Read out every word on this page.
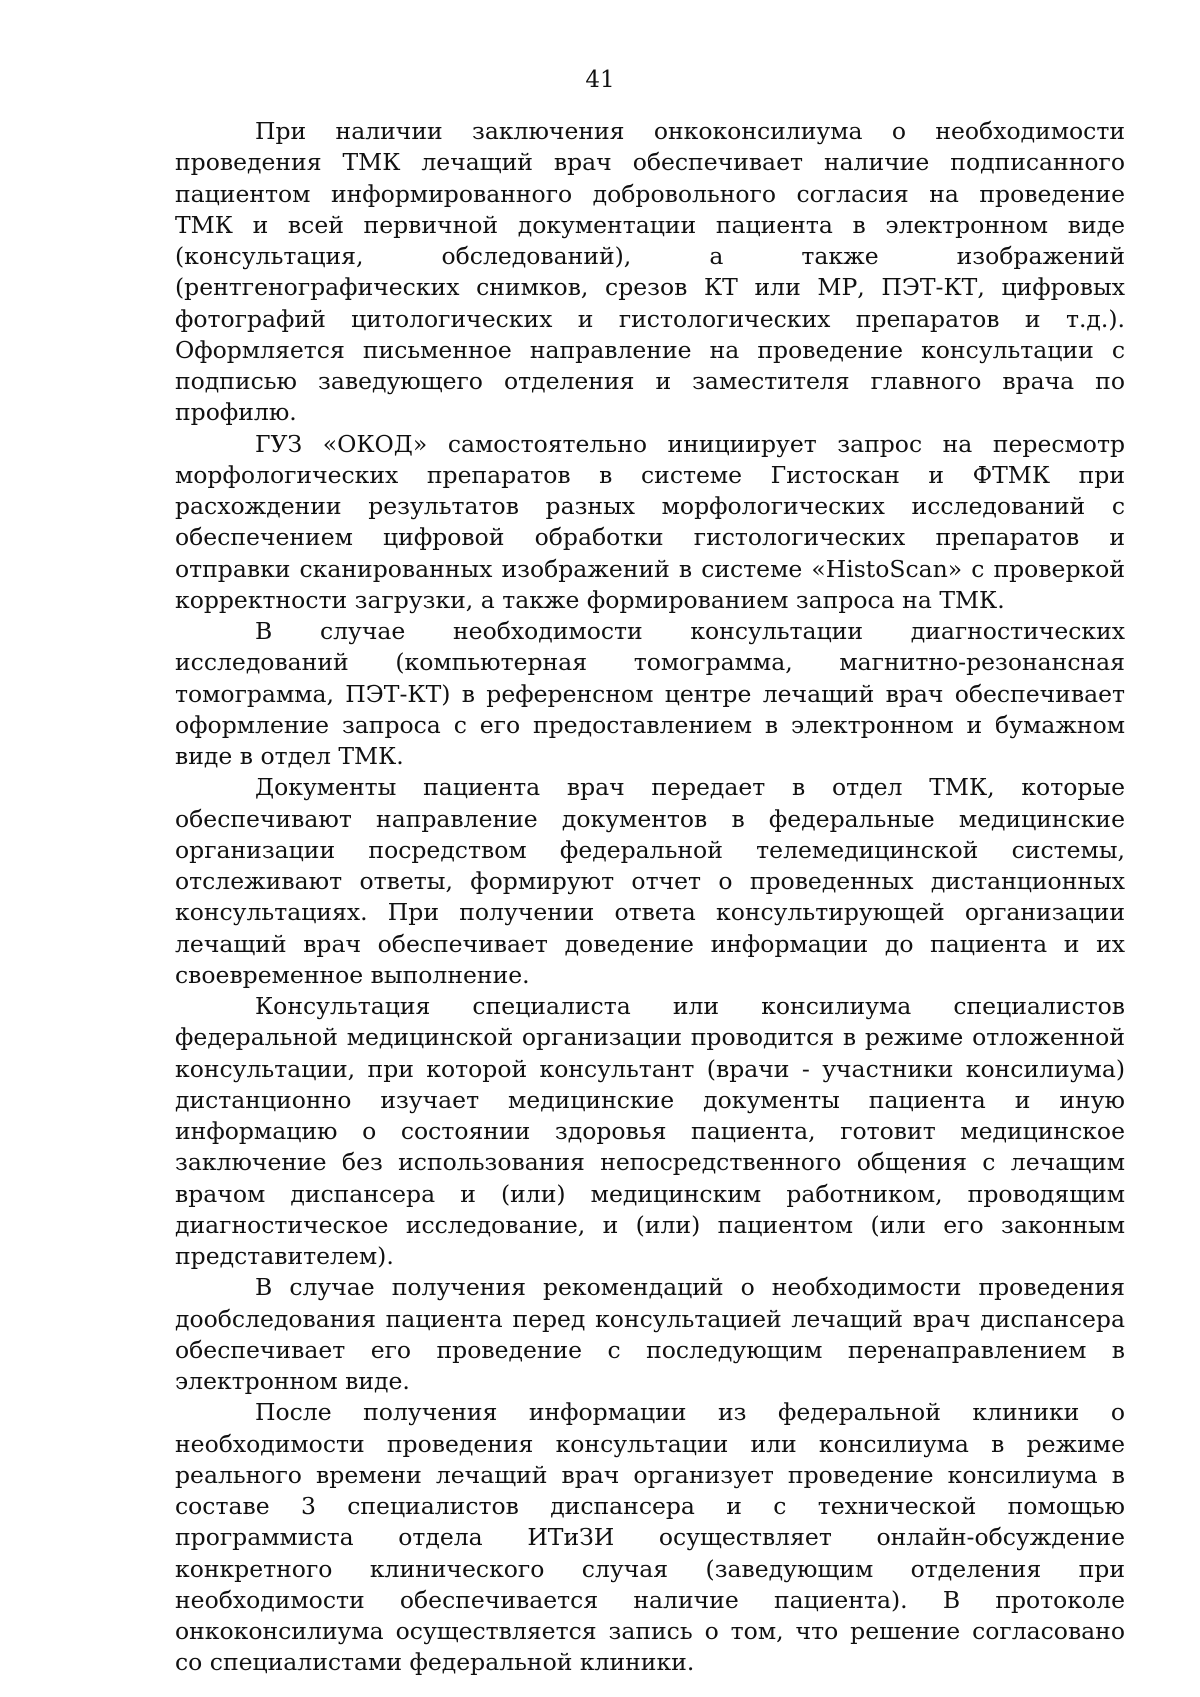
41

При наличии заключения онкоконсилиума о необходимости проведения ТМК лечащий врач обеспечивает наличие подписанного пациентом информированного добровольного согласия на проведение ТМК и всей первичной документации пациента в электронном виде (консультация, обследований), а также изображений (рентгенографических снимков, срезов КТ или МР, ПЭТ-КТ, цифровых фотографий цитологических и гистологических препаратов и т.д.). Оформляется письменное направление на проведение консультации с подписью заведующего отделения и заместителя главного врача по профилю.

ГУЗ «ОКОД» самостоятельно инициирует запрос на пересмотр морфологических препаратов в системе Гистоскан и ФТМК при расхождении результатов разных морфологических исследований с обеспечением цифровой обработки гистологических препаратов и отправки сканированных изображений в системе «HistoScan» с проверкой корректности загрузки, а также формированием запроса на ТМК.

В случае необходимости консультации диагностических исследований (компьютерная томограмма, магнитно-резонансная томограмма, ПЭТ-КТ) в референсном центре лечащий врач обеспечивает оформление запроса с его предоставлением в электронном и бумажном виде в отдел ТМК.

Документы пациента врач передает в отдел ТМК, которые обеспечивают направление документов в федеральные медицинские организации посредством федеральной телемедицинской системы, отслеживают ответы, формируют отчет о проведенных дистанционных консультациях. При получении ответа консультирующей организации лечащий врач обеспечивает доведение информации до пациента и их своевременное выполнение.

Консультация специалиста или консилиума специалистов федеральной медицинской организации проводится в режиме отложенной консультации, при которой консультант (врачи - участники консилиума) дистанционно изучает медицинские документы пациента и иную информацию о состоянии здоровья пациента, готовит медицинское заключение без использования непосредственного общения с лечащим врачом диспансера и (или) медицинским работником, проводящим диагностическое исследование, и (или) пациентом (или его законным представителем).

В случае получения рекомендаций о необходимости проведения дообследования пациента перед консультацией лечащий врач диспансера обеспечивает его проведение с последующим перенаправлением в электронном виде.

После получения информации из федеральной клиники о необходимости проведения консультации или консилиума в режиме реального времени лечащий врач организует проведение консилиума в составе 3 специалистов диспансера и с технической помощью программиста отдела ИТиЗИ осуществляет онлайн-обсуждение конкретного клинического случая (заведующим отделения при необходимости обеспечивается наличие пациента). В протоколе онкоконсилиума осуществляется запись о том, что решение согласовано со специалистами федеральной клиники.
